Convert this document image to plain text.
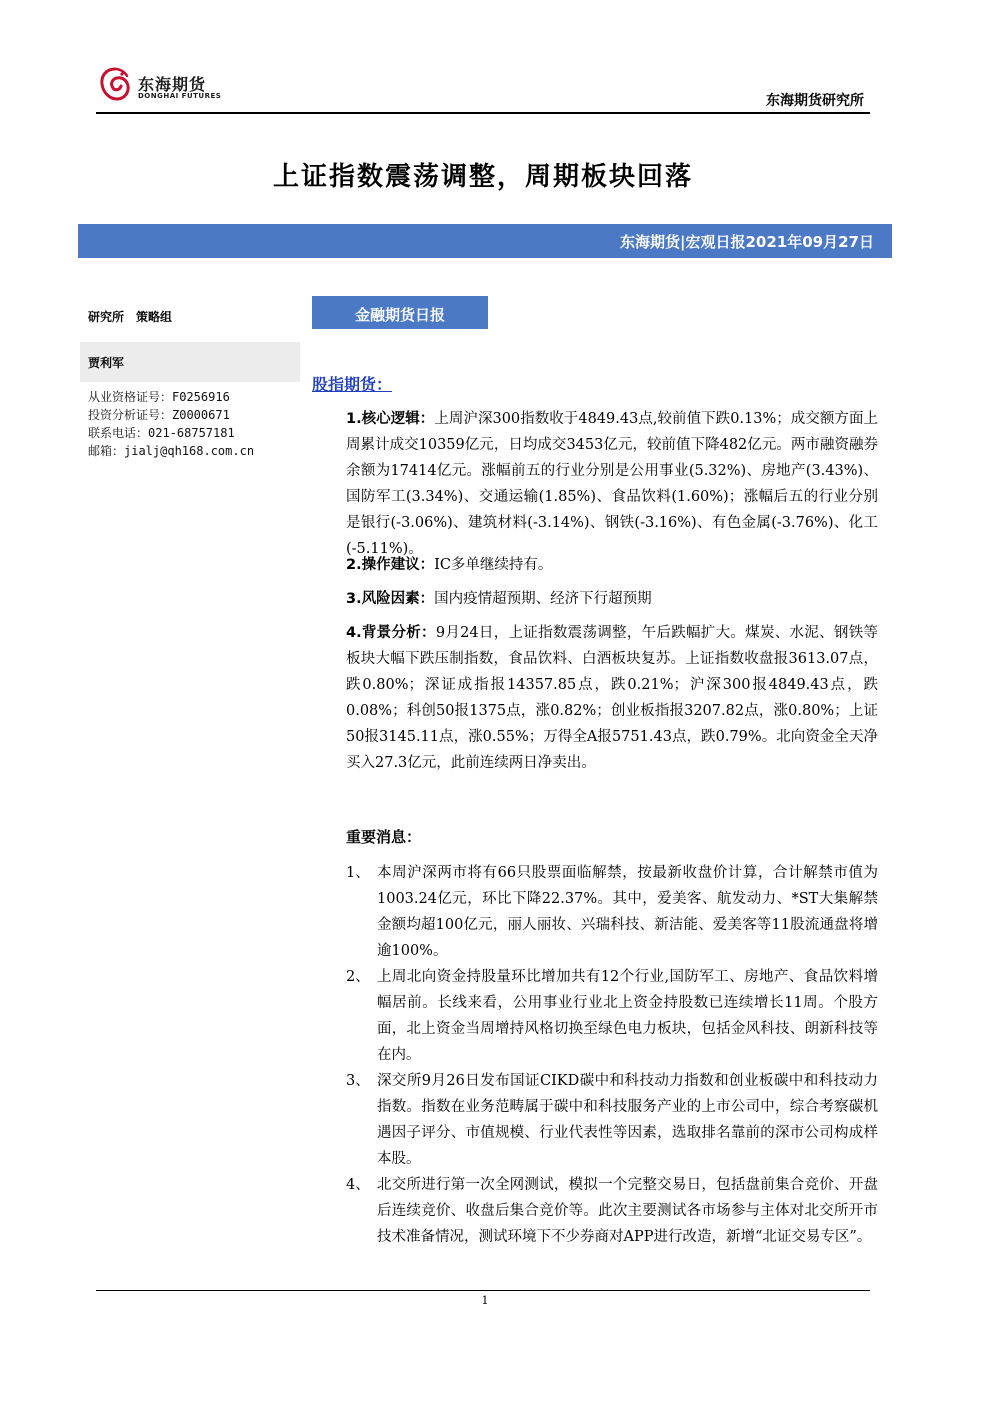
东海期货
DONGHAI FUTURES	东海期货研究所
上证指数震荡调整，周期板块回落
东海期货|宏观日报2021年09月27日
研究所　策略组
贾利军
从业资格证号：F0256916
投资分析证号：Z0000671
联系电话：021-68757181
邮箱：jialj@qh168.com.cn
金融期货日报
股指期货：
1.核心逻辑：上周沪深300指数收于4849.43点,较前值下跌0.13%；成交额方面上周累计成交10359亿元，日均成交3453亿元，较前值下降482亿元。两市融资融券余额为17414亿元。涨幅前五的行业分别是公用事业(5.32%)、房地产(3.43%)、国防军工(3.34%)、交通运输(1.85%)、食品饮料(1.60%)；涨幅后五的行业分别是银行(-3.06%)、建筑材料(-3.14%)、钢铁(-3.16%)、有色金属(-3.76%)、化工(-5.11%)。
2.操作建议：IC多单继续持有。
3.风险因素：国内疫情超预期、经济下行超预期
4.背景分析：9月24日，上证指数震荡调整，午后跌幅扩大。煤炭、水泥、钢铁等板块大幅下跌压制指数，食品饮料、白酒板块复苏。上证指数收盘报3613.07点，跌0.80%；深证成指报14357.85点，跌0.21%；沪深300报4849.43点，跌0.08%；科创50报1375点，涨0.82%；创业板指报3207.82点，涨0.80%；上证50报3145.11点，涨0.55%；万得全A报5751.43点，跌0.79%。北向资金全天净买入27.3亿元，此前连续两日净卖出。
重要消息：
1、 本周沪深两市将有66只股票面临解禁，按最新收盘价计算，合计解禁市值为1003.24亿元，环比下降22.37%。其中，爱美客、航发动力、*ST大集解禁金额均超100亿元，丽人丽妆、兴瑞科技、新洁能、爱美客等11股流通盘将增逾100%。
2、 上周北向资金持股量环比增加共有12个行业,国防军工、房地产、食品饮料增幅居前。长线来看，公用事业行业北上资金持股数已连续增长11周。个股方面，北上资金当周增持风格切换至绿色电力板块，包括金风科技、朗新科技等在内。
3、 深交所9月26日发布国证CIKD碳中和科技动力指数和创业板碳中和科技动力指数。指数在业务范畴属于碳中和科技服务产业的上市公司中，综合考察碳机遇因子评分、市值规模、行业代表性等因素，选取排名靠前的深市公司构成样本股。
4、 北交所进行第一次全网测试，模拟一个完整交易日，包括盘前集合竞价、开盘后连续竞价、收盘后集合竞价等。此次主要测试各市场参与主体对北交所开市技术准备情况，测试环境下不少券商对APP进行改造，新增“北证交易专区”。
1
